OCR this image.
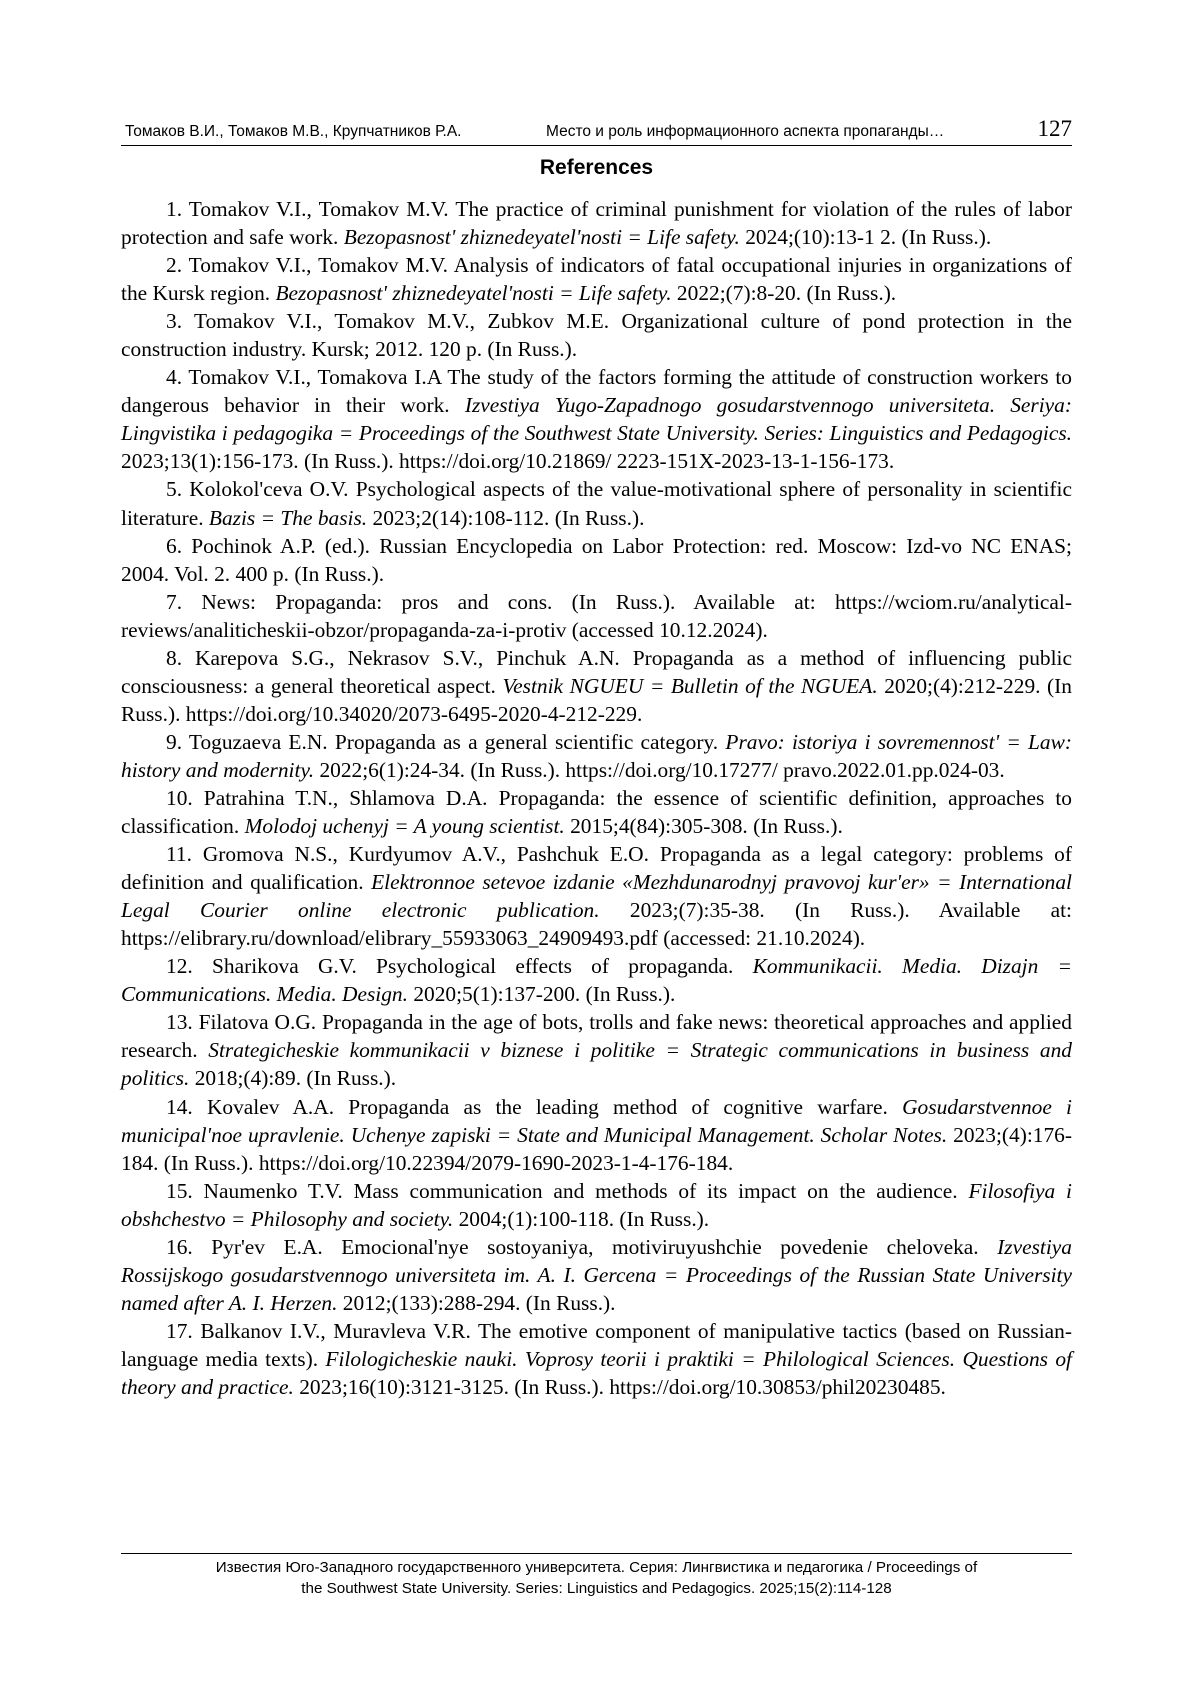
Томаков В.И., Томаков М.В., Крупчатников Р.А.	Место и роль информационного аспекта пропаганды…	127
References

1. Tomakov V.I., Tomakov M.V. The practice of criminal punishment for violation of the rules of labor protection and safe work. Bezopasnost' zhiznedeyatel'nosti = Life safety. 2024;(10):13-1 2. (In Russ.).

2. Tomakov V.I., Tomakov M.V. Analysis of indicators of fatal occupational injuries in organizations of the Kursk region. Bezopasnost' zhiznedeyatel'nosti = Life safety. 2022;(7):8-20. (In Russ.).

3. Tomakov V.I., Tomakov M.V., Zubkov M.E. Organizational culture of pond protection in the construction industry. Kursk; 2012. 120 p. (In Russ.).

4. Tomakov V.I., Tomakova I.A The study of the factors forming the attitude of construction workers to dangerous behavior in their work. Izvestiya Yugo-Zapadnogo gosudarstvennogo universiteta. Seriya: Lingvistika i pedagogika = Proceedings of the Southwest State University. Series: Linguistics and Pedagogics. 2023;13(1):156-173. (In Russ.). https://doi.org/10.21869/ 2223-151X-2023-13-1-156-173.

5. Kolokol'ceva O.V. Psychological aspects of the value-motivational sphere of personality in scientific literature. Bazis = The basis. 2023;2(14):108-112. (In Russ.).

6. Pochinok A.P. (ed.). Russian Encyclopedia on Labor Protection: red. Moscow: Izd-vo NC ENAS; 2004. Vol. 2. 400 p. (In Russ.).

7. News: Propaganda: pros and cons. (In Russ.). Available at: https://wciom.ru/analytical-​reviews/analiticheskii-obzor/propaganda-za-i-protiv (accessed 10.12.2024).

8. Karepova S.G., Nekrasov S.V., Pinchuk A.N. Propaganda as a method of influencing public consciousness: a general theoretical aspect. Vestnik NGUEU = Bulletin of the NGUEA. 2020;(4):212-229. (In Russ.). https://doi.org/10.34020/2073-6495-2020-4-212-229.

9. Toguzaeva E.N. Propaganda as a general scientific category. Pravo: istoriya i sovremennost' = Law: history and modernity. 2022;6(1):24-34. (In Russ.). https://doi.org/10.17277/ pravo.2022.01.pp.024-03.

10. Patrahina T.N., Shlamova D.A. Propaganda: the essence of scientific definition, approaches to classification. Molodoj uchenyj = A young scientist. 2015;4(84):305-308. (In Russ.).

11. Gromova N.S., Kurdyumov A.V., Pashchuk E.O. Propaganda as a legal category: problems of definition and qualification. Elektronnoe setevoe izdanie «Mezhdunarodnyj pravovoj kur'er» = International Legal Courier online electronic publication. 2023;(7):35-38. (In Russ.). Available at: https://elibrary.ru/download/elibrary_55933063_24909493.pdf (accessed: 21.10.2024).

12. Sharikova G.V. Psychological effects of propaganda. Kommunikacii. Media. Dizajn = Communications. Media. Design. 2020;5(1):137-200. (In Russ.).

13. Filatova O.G. Propaganda in the age of bots, trolls and fake news: theoretical approaches and applied research. Strategicheskie kommunikacii v biznese i politike = Strategic communications in business and politics. 2018;(4):89. (In Russ.).

14. Kovalev A.A. Propaganda as the leading method of cognitive warfare. Gosudarstvennoe i municipal'noe upravlenie. Uchenye zapiski = State and Municipal Management. Scholar Notes. 2023;(4):176-184. (In Russ.). https://doi.org/10.22394/2079-1690-2023-1-4-176-184.

15. Naumenko T.V. Mass communication and methods of its impact on the audience. Filosofiya i obshchestvo = Philosophy and society. 2004;(1):100-118. (In Russ.).

16. Pyr'ev E.A. Emocional'nye sostoyaniya, motiviruyushchie povedenie cheloveka. Izvestiya Rossijskogo gosudarstvennogo universiteta im. A. I. Gercena = Proceedings of the Russian State University named after A. I. Herzen. 2012;(133):288-294. (In Russ.).

17. Balkanov I.V., Muravleva V.R. The emotive component of manipulative tactics (based on Russian-language media texts). Filologicheskie nauki. Voprosy teorii i praktiki = Philological Sciences. Questions of theory and practice. 2023;16(10):3121-3125. (In Russ.). https://doi.org/10.30853/phil20230485.

Известия Юго-Западного государственного университета. Серия: Лингвистика и педагогика / Proceedings of
the Southwest State University. Series: Linguistics and Pedagogics. 2025;15(2):114-128
